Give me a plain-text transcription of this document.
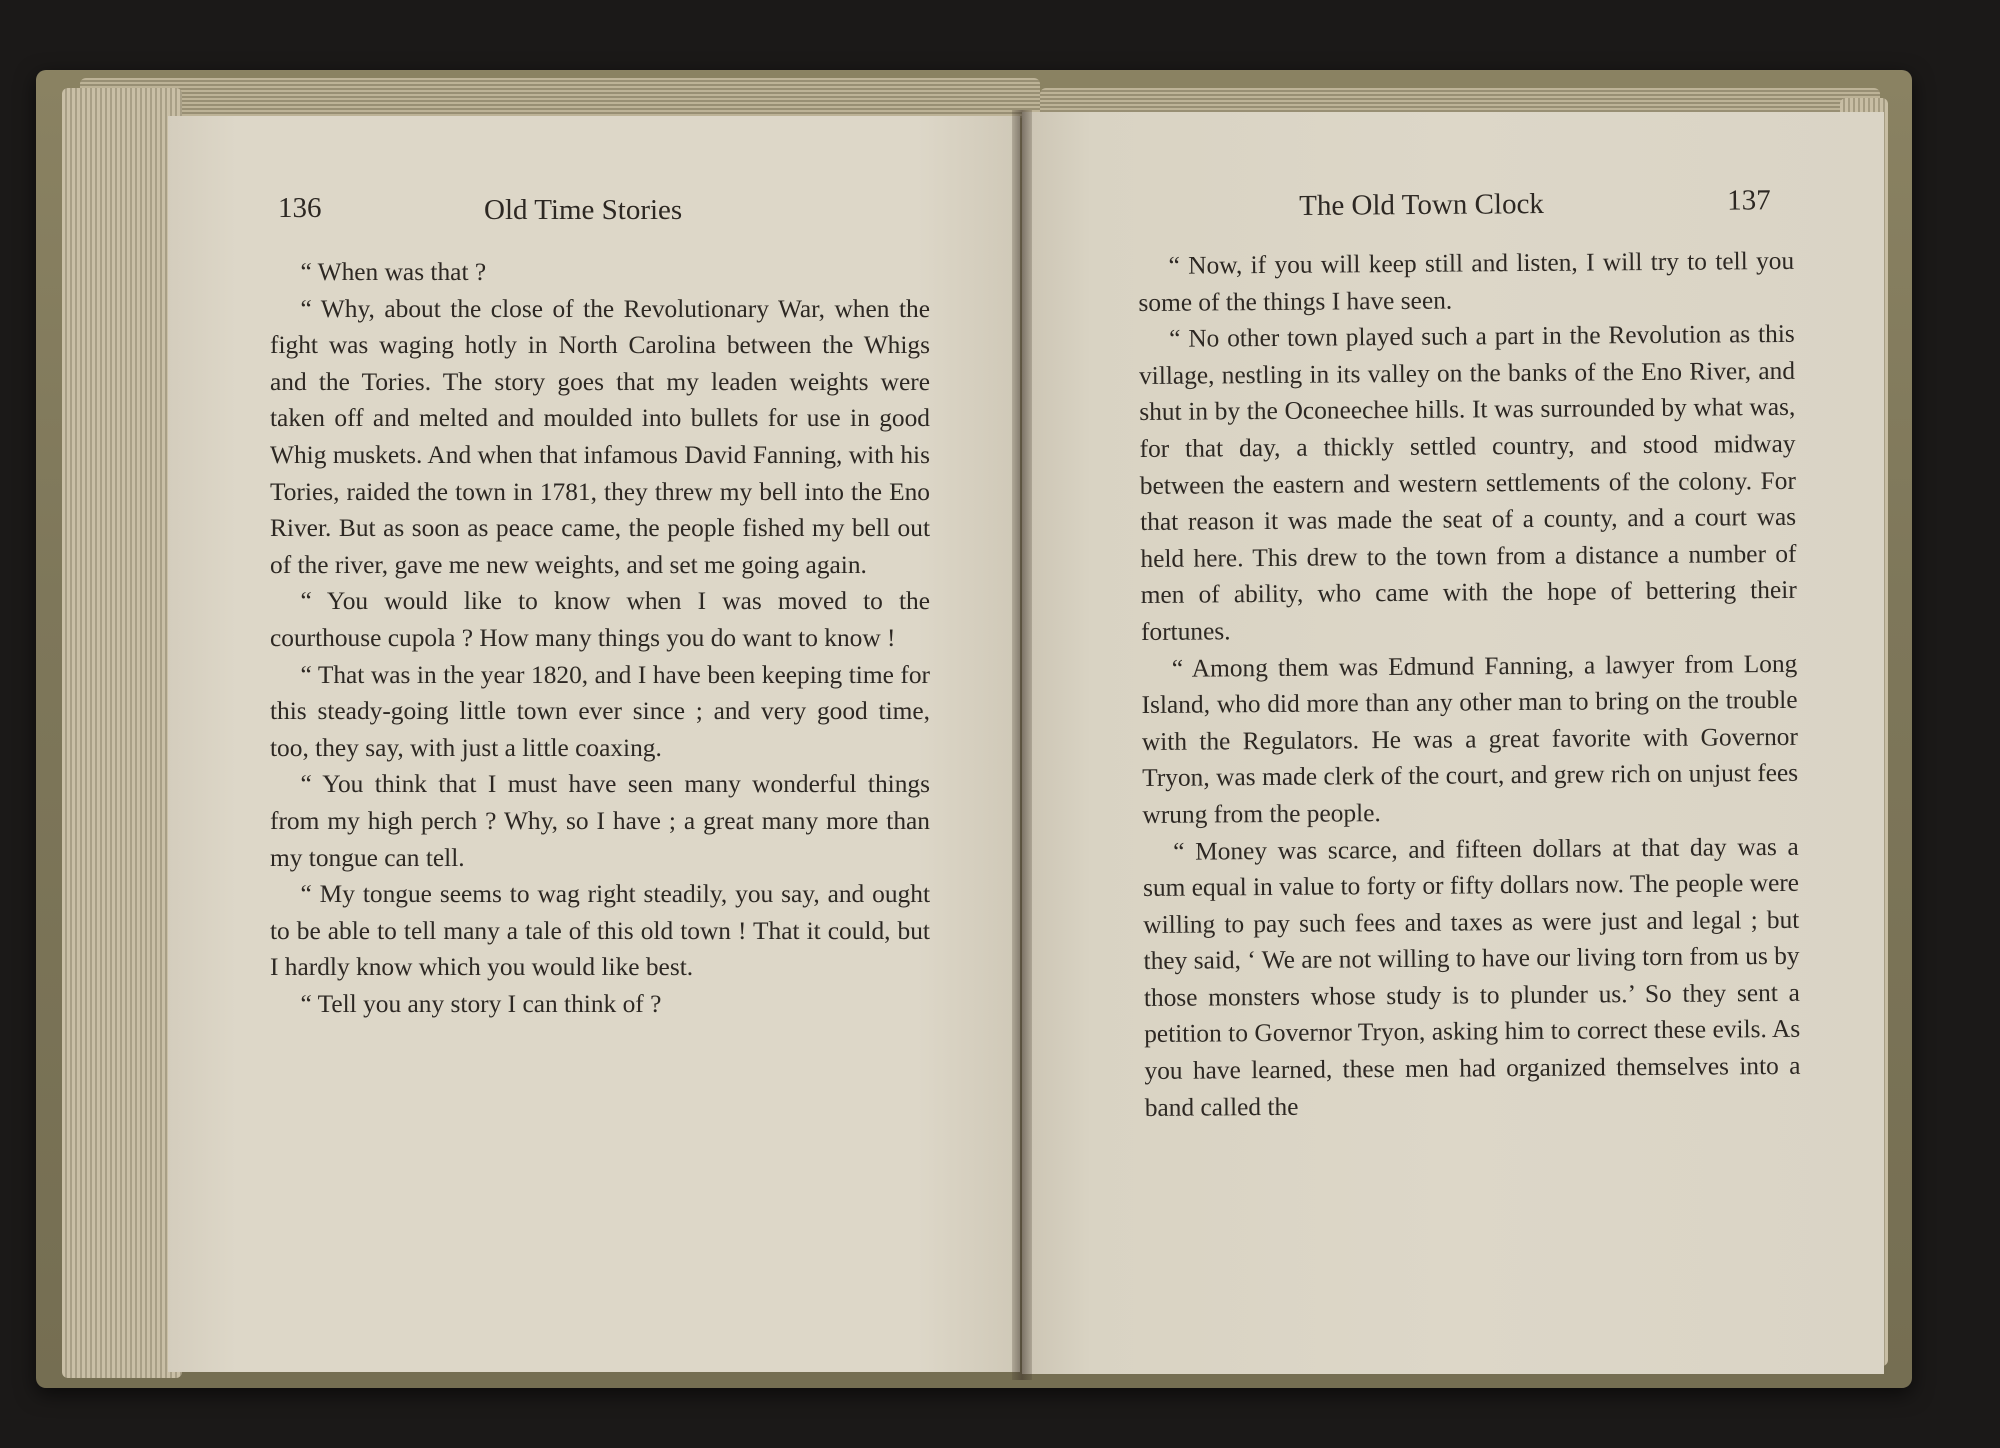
136	Old Time Stories

“ When was that ?

“ Why, about the close of the Revolutionary War, when the fight was waging hotly in North Carolina between the Whigs and the Tories. The story goes that my leaden weights were taken off and melted and moulded into bullets for use in good Whig muskets. And when that infamous David Fanning, with his Tories, raided the town in 1781, they threw my bell into the Eno River. But as soon as peace came, the people fished my bell out of the river, gave me new weights, and set me going again.

“ You would like to know when I was moved to the courthouse cupola ? How many things you do want to know !

“ That was in the year 1820, and I have been keeping time for this steady-going little town ever since ; and very good time, too, they say, with just a little coaxing.

“ You think that I must have seen many wonderful things from my high perch ? Why, so I have ; a great many more than my tongue can tell.

“ My tongue seems to wag right steadily, you say, and ought to be able to tell many a tale of this old town ! That it could, but I hardly know which you would like best.

“ Tell you any story I can think of ?

The Old Town Clock	137

“ Now, if you will keep still and listen, I will try to tell you some of the things I have seen.

“ No other town played such a part in the Revolution as this village, nestling in its valley on the banks of the Eno River, and shut in by the Oconeechee hills. It was surrounded by what was, for that day, a thickly settled country, and stood midway between the eastern and western settlements of the colony. For that reason it was made the seat of a county, and a court was held here. This drew to the town from a distance a number of men of ability, who came with the hope of bettering their fortunes.

“ Among them was Edmund Fanning, a lawyer from Long Island, who did more than any other man to bring on the trouble with the Regulators. He was a great favorite with Governor Tryon, was made clerk of the court, and grew rich on unjust fees wrung from the people.

“ Money was scarce, and fifteen dollars at that day was a sum equal in value to forty or fifty dollars now. The people were willing to pay such fees and taxes as were just and legal ; but they said, ‘ We are not willing to have our living torn from us by those monsters whose study is to plunder us.’ So they sent a petition to Governor Tryon, asking him to correct these evils. As you have learned, these men had organized themselves into a band called the
